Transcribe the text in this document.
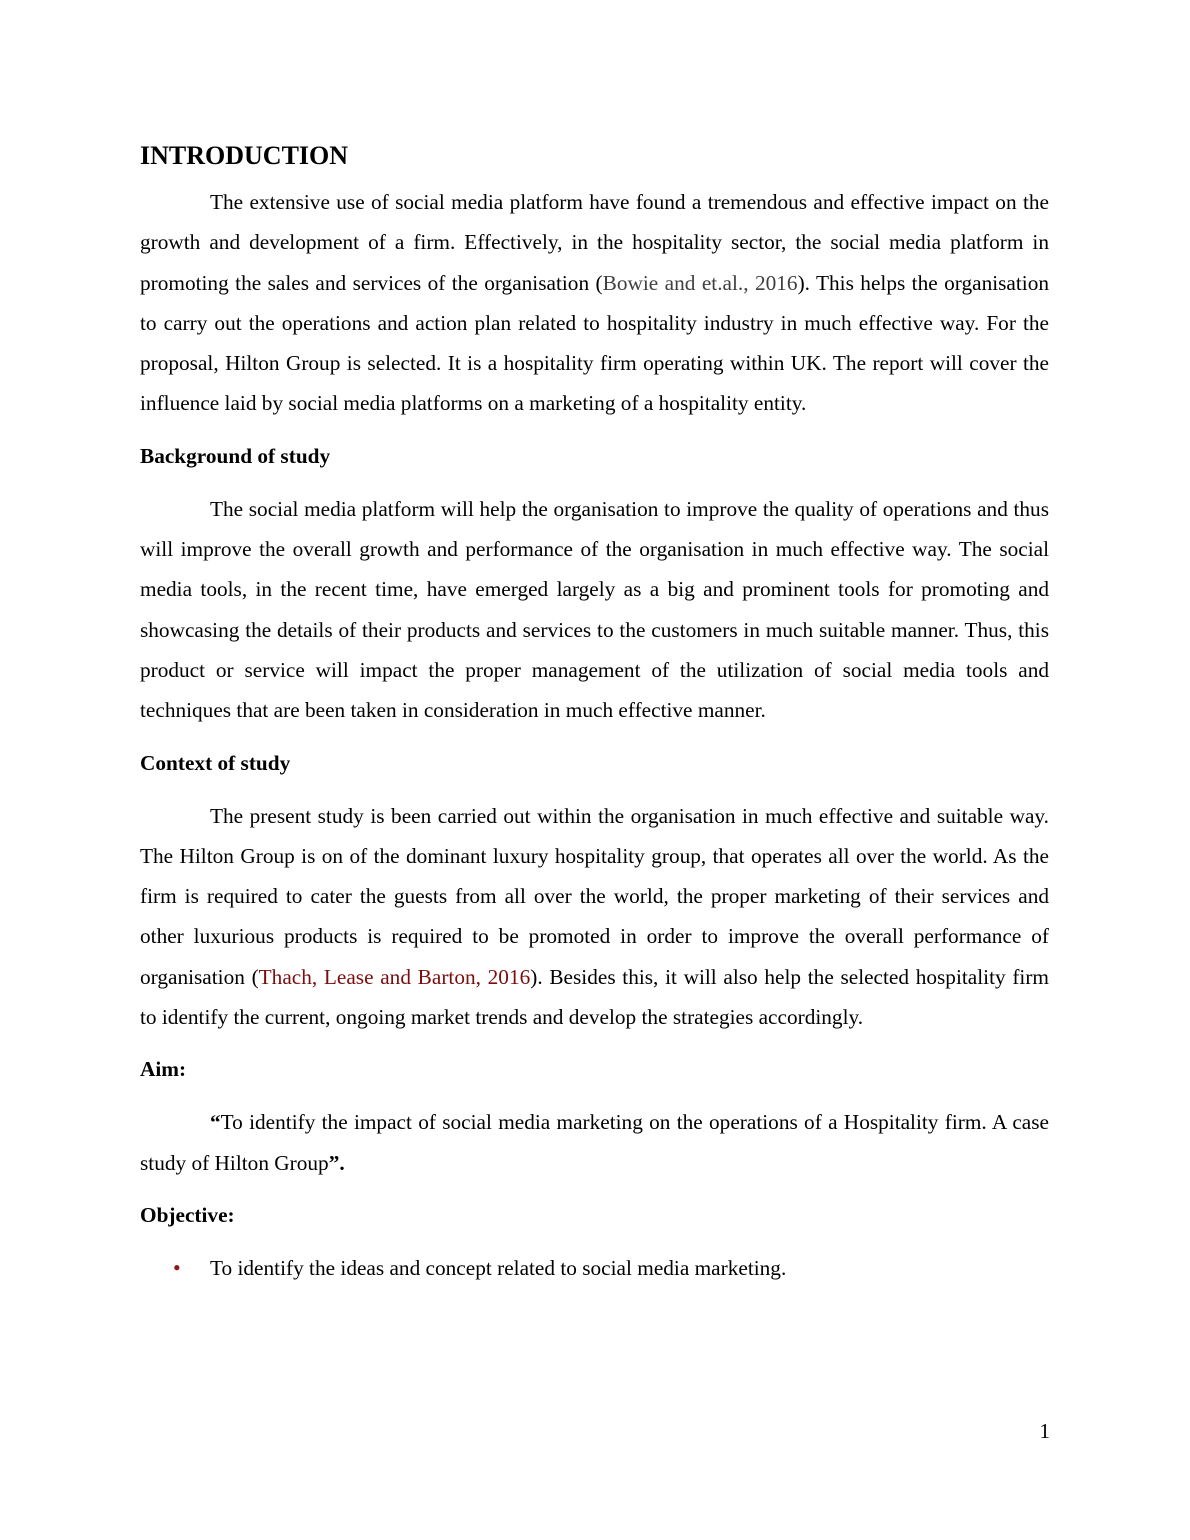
INTRODUCTION

The extensive use of social media platform have found a tremendous and effective impact on the growth and development of a firm. Effectively, in the hospitality sector, the social media platform in promoting the sales and services of the organisation (Bowie and et.al., 2016). This helps the organisation to carry out the operations and action plan related to hospitality industry in much effective way. For the proposal, Hilton Group is selected. It is a hospitality firm operating within UK. The report will cover the influence laid by social media platforms on a marketing of a hospitality entity.

Background of study

The social media platform will help the organisation to improve the quality of operations and thus will improve the overall growth and performance of the organisation in much effective way. The social media tools, in the recent time, have emerged largely as a big and prominent tools for promoting and showcasing the details of their products and services to the customers in much suitable manner. Thus, this product or service will impact the proper management of the utilization of social media tools and techniques that are been taken in consideration in much effective manner.

Context of study

The present study is been carried out within the organisation in much effective and suitable way. The Hilton Group is on of the dominant luxury hospitality group, that operates all over the world. As the firm is required to cater the guests from all over the world, the proper marketing of their services and other luxurious products is required to be promoted in order to improve the overall performance of organisation (Thach, Lease and Barton, 2016). Besides this, it will also help the selected hospitality firm to identify the current, ongoing market trends and develop the strategies accordingly.

Aim:

“To identify the impact of social media marketing on the operations of a Hospitality firm. A case study of Hilton Group”.

Objective:
• To identify the ideas and concept related to social media marketing.
1
